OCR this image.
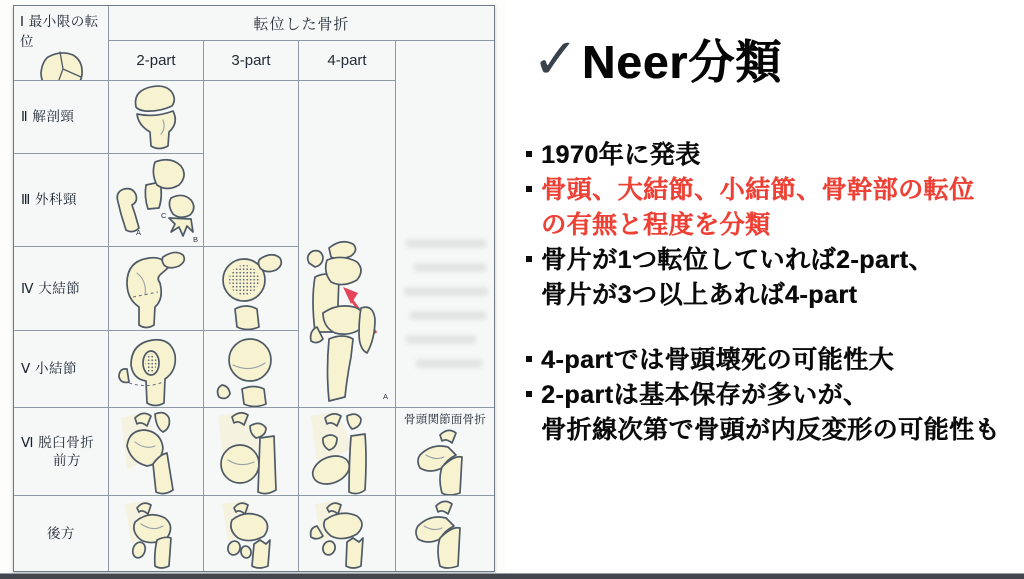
Ⅰ 最小限の転位
転位した骨折
2-part	3-part	4-part
Ⅱ 解剖頸
A
Ⅲ 外科頸
A
C
B
Ⅳ 大結節
Ⅴ 小結節
Ⅵ 脱臼骨折
前方
骨頭関節面骨折
後方
✓ Neer分類
1970年に発表
骨頭、大結節、小結節、骨幹部の転位
の有無と程度を分類
骨片が1つ転位していれば2-part、
骨片が3つ以上あれば4-part
4-partでは骨頭壊死の可能性大
2-partは基本保存が多いが、
骨折線次第で骨頭が内反変形の可能性も
